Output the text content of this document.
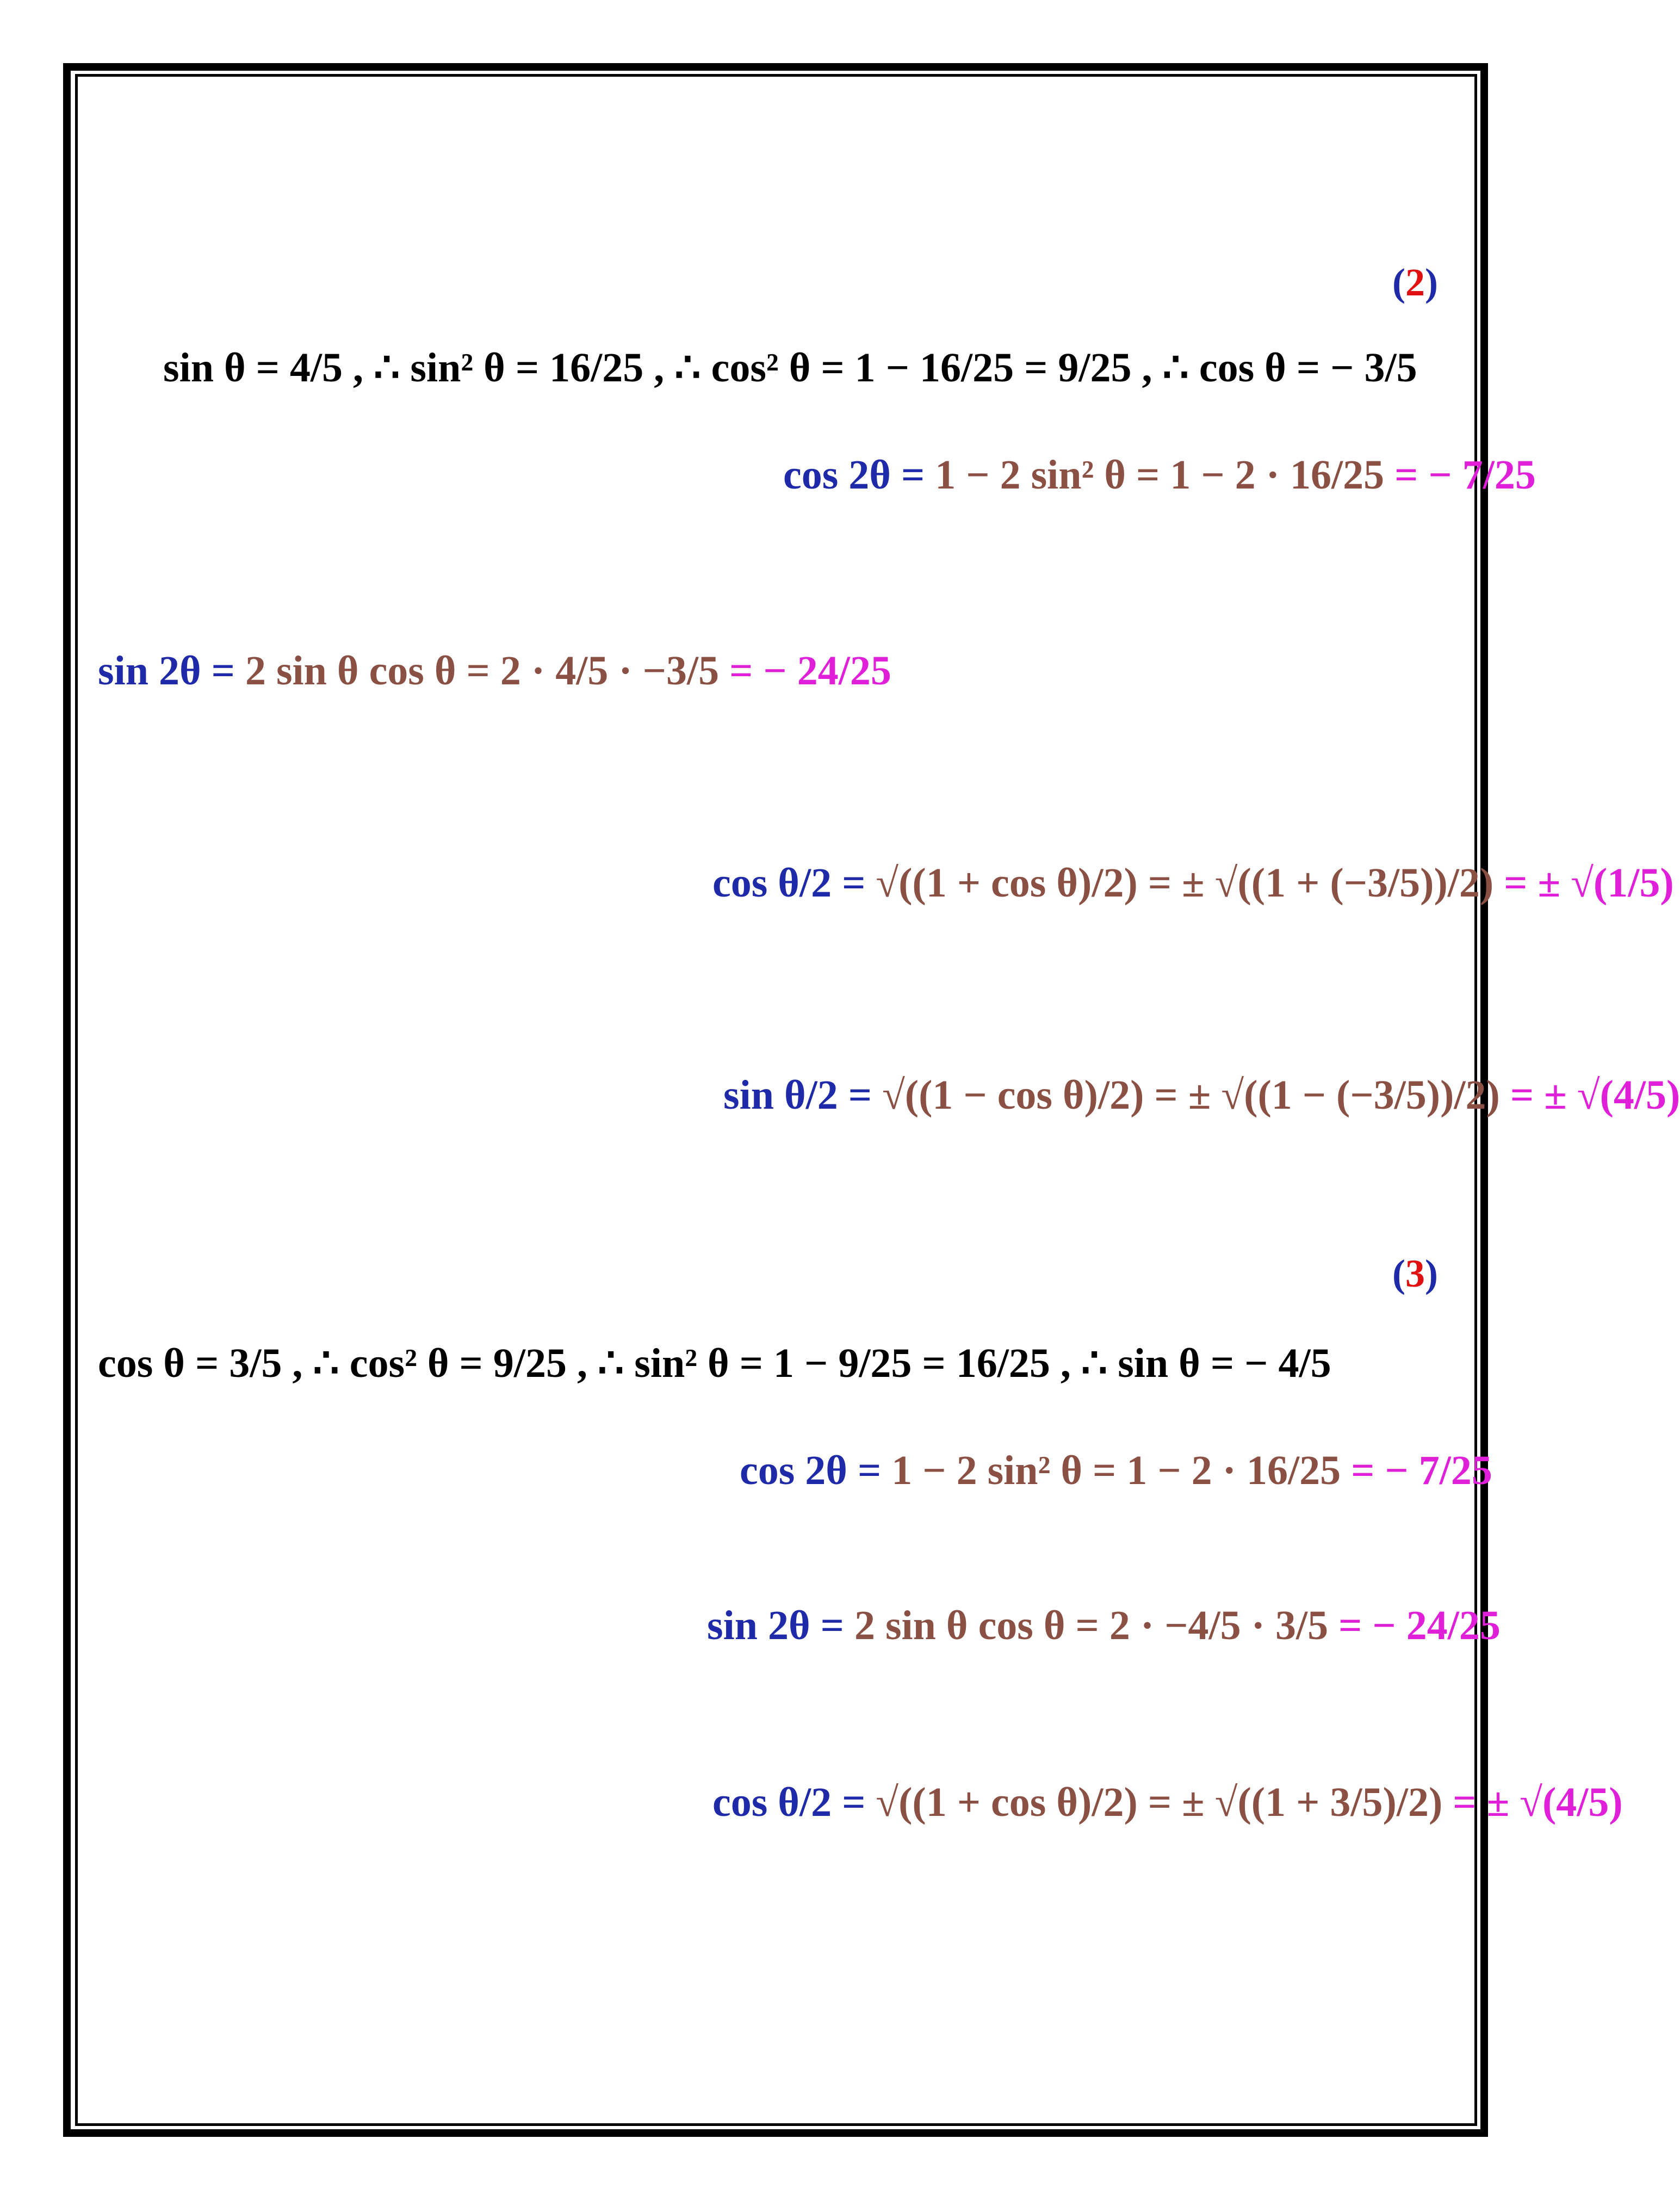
(2)
sin θ = 4/5 , ∴ sin² θ = 16/25 , ∴ cos² θ = 1 − 16/25 = 9/25 , ∴ cos θ = − 3/5
cos 2θ = 1 − 2 sin² θ = 1 − 2 · 16/25 = − 7/25
sin 2θ = 2 sin θ cos θ = 2 · 4/5 · −3/5 = − 24/25
cos θ/2 = √((1 + cos θ)/2) = ± √((1 + (−3/5))/2) = ± √(1/5)
sin θ/2 = √((1 − cos θ)/2) = ± √((1 − (−3/5))/2) = ± √(4/5)
(3)
cos θ = 3/5 , ∴ cos² θ = 9/25 , ∴ sin² θ = 1 − 9/25 = 16/25 , ∴ sin θ = − 4/5
cos 2θ = 1 − 2 sin² θ = 1 − 2 · 16/25 = − 7/25
sin 2θ = 2 sin θ cos θ = 2 · −4/5 · 3/5 = − 24/25
cos θ/2 = √((1 + cos θ)/2) = ± √((1 + 3/5)/2) = ± √(4/5)
